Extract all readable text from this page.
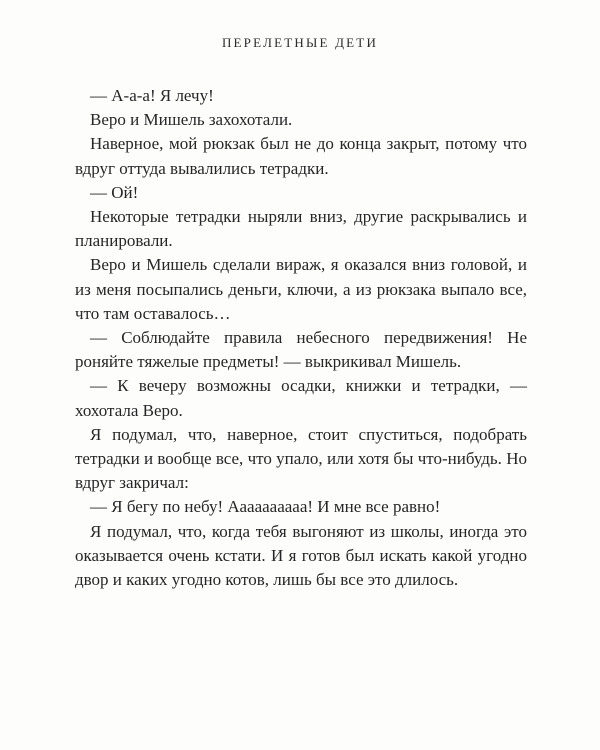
ПЕРЕЛЕТНЫЕ ДЕТИ

— А-а-а! Я лечу!

Веро и Мишель захохотали.

Наверное, мой рюкзак был не до конца закрыт, потому что вдруг оттуда вывалились тетрадки.

— Ой!

Некоторые тетрадки ныряли вниз, другие раскрывались и планировали.

Веро и Мишель сделали вираж, я оказался вниз головой, и из меня посыпались деньги, ключи, а из рюкзака выпало все, что там оставалось…

— Соблюдайте правила небесного передвижения! Не роняйте тяжелые предметы! — выкрикивал Мишель.

— К вечеру возможны осадки, книжки и тетрадки, — хохотала Веро.

Я подумал, что, наверное, стоит спуститься, подобрать тетрадки и вообще все, что упало, или хотя бы что-нибудь. Но вдруг закричал:

— Я бегу по небу! Аааааааааа! И мне все равно!

Я подумал, что, когда тебя выгоняют из школы, иногда это оказывается очень кстати. И я готов был искать какой угодно двор и каких угодно котов, лишь бы все это длилось.
